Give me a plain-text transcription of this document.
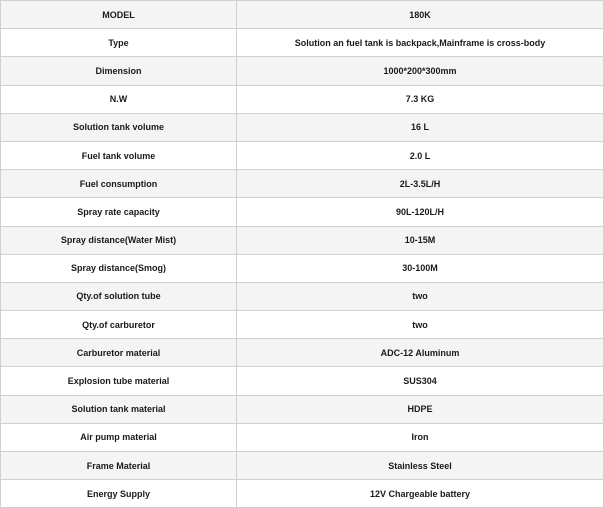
MODEL	180K
Type	Solution an fuel tank is backpack,Mainframe is cross-body
Dimension	1000*200*300mm
N.W	7.3 KG
Solution tank volume	16 L
Fuel tank volume	2.0 L
Fuel consumption	2L-3.5L/H
Spray rate capacity	90L-120L/H
Spray distance(Water Mist)	10-15M
Spray distance(Smog)	30-100M
Qty.of solution tube	two
Qty.of carburetor	two
Carburetor material	ADC-12 Aluminum
Explosion tube material	SUS304
Solution tank material	HDPE
Air pump material	Iron
Frame Material	Stainless Steel
Energy Supply	12V Chargeable battery
